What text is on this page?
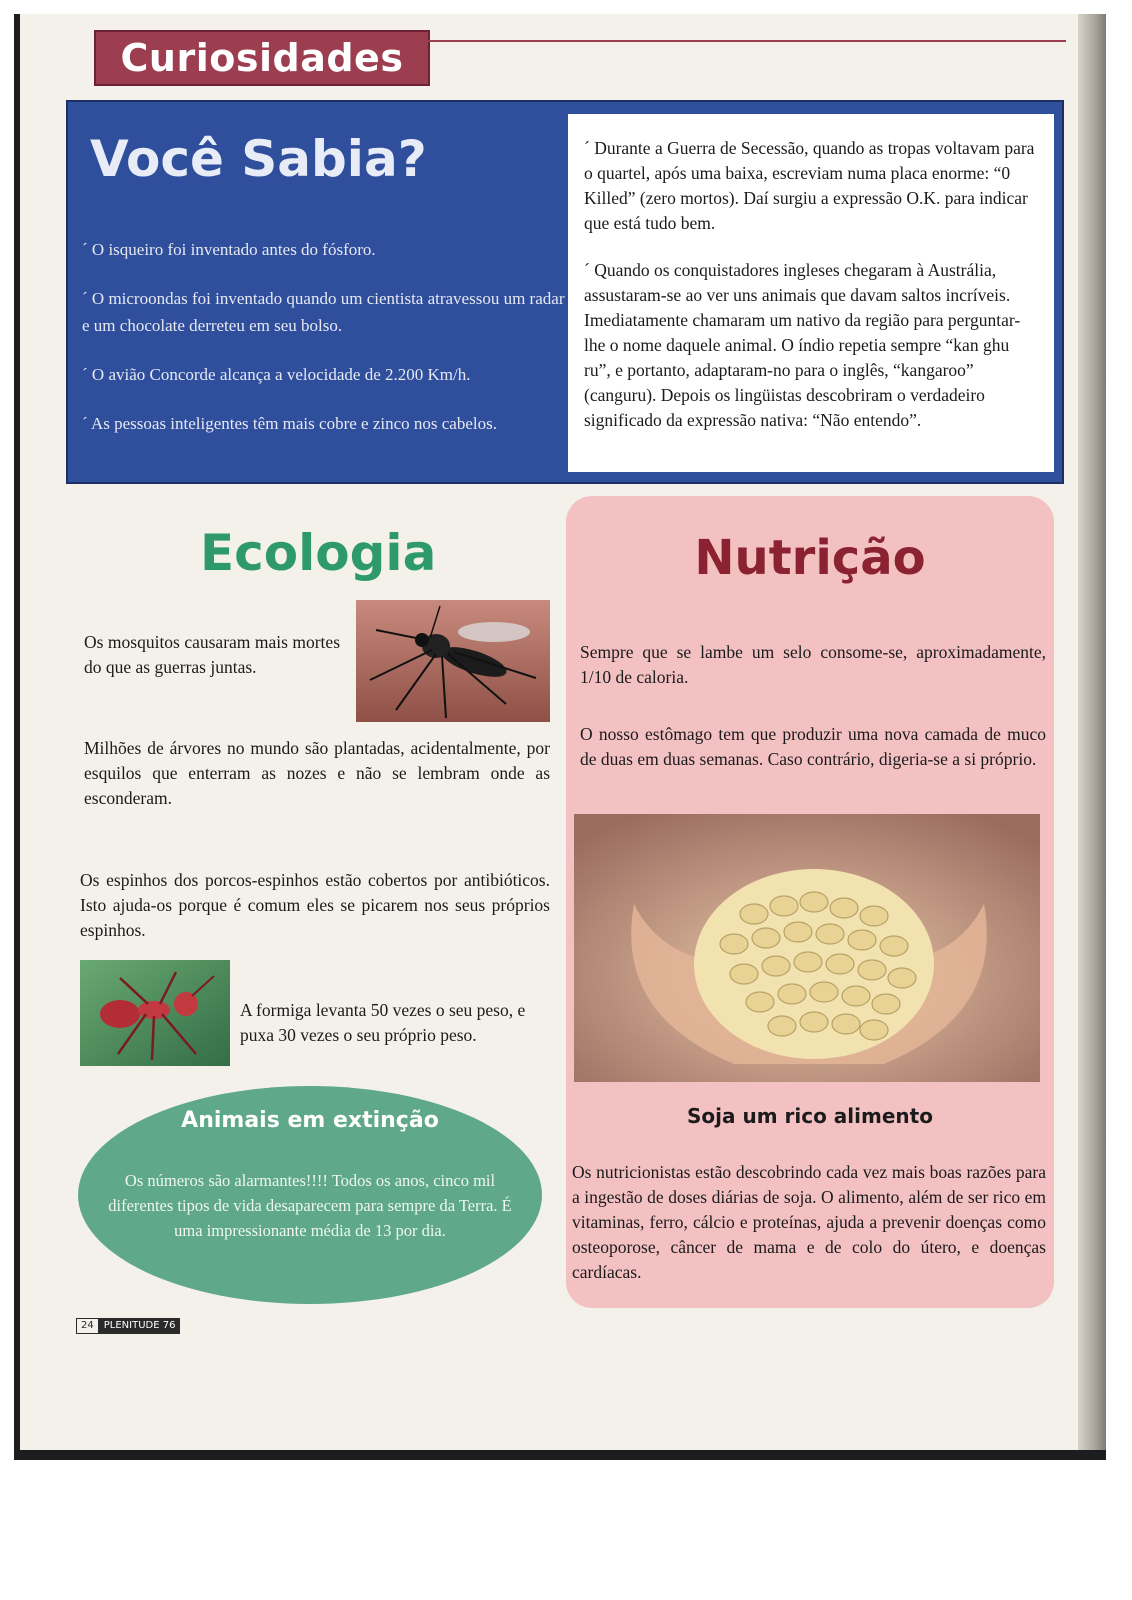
Curiosidades
Você Sabia?

´ O isqueiro foi inventado antes do fósforo.

´ O microondas foi inventado quando um cientista atravessou um radar e um chocolate derreteu em seu bolso.

´ O avião Concorde alcança a velocidade de 2.200 Km/h.

´ As pessoas inteligentes têm mais cobre e zinco nos cabelos.

´ Durante a Guerra de Secessão, quando as tropas voltavam para o quartel, após uma baixa, escreviam numa placa enorme: “0 Killed” (zero mortos). Daí surgiu a expressão O.K. para indicar que está tudo bem.

´ Quando os conquistadores ingleses chegaram à Austrália, assustaram-se ao ver uns animais que davam saltos incríveis. Imediatamente chamaram um nativo da região para perguntar-lhe o nome daquele animal. O índio repetia sempre “kan ghu ru”, e portanto, adaptaram-no para o inglês, “kangaroo” (canguru). Depois os lingüistas descobriram o verdadeiro significado da expressão nativa: “Não entendo”.

Ecologia
Os mosquitos causaram mais mortes do que as guerras juntas.
Milhões de árvores no mundo são plantadas, acidentalmente, por esquilos que enterram as nozes e não se lembram onde as esconderam.
Os espinhos dos porcos-espinhos estão cobertos por antibióticos. Isto ajuda-os porque é comum eles se picarem nos seus próprios espinhos.
A formiga levanta 50 vezes o seu peso, e puxa 30 vezes o seu próprio peso.
Animais em extinção
Os números são alarmantes!!!! Todos os anos, cinco mil diferentes tipos de vida desaparecem para sempre da Terra. É uma impressionante média de 13 por dia.
Nutrição
Sempre que se lambe um selo consome-se, aproximadamente, 1/10 de caloria.
O nosso estômago tem que produzir uma nova camada de muco de duas em duas semanas. Caso contrário, digeria-se a si próprio.
Soja um rico alimento
Os nutricionistas estão descobrindo cada vez mais boas razões para a ingestão de doses diárias de soja. O alimento, além de ser rico em vitaminas, ferro, cálcio e proteínas, ajuda a prevenir doenças como osteoporose, câncer de mama e de colo do útero, e doenças cardíacas.
24 PLENITUDE 76
